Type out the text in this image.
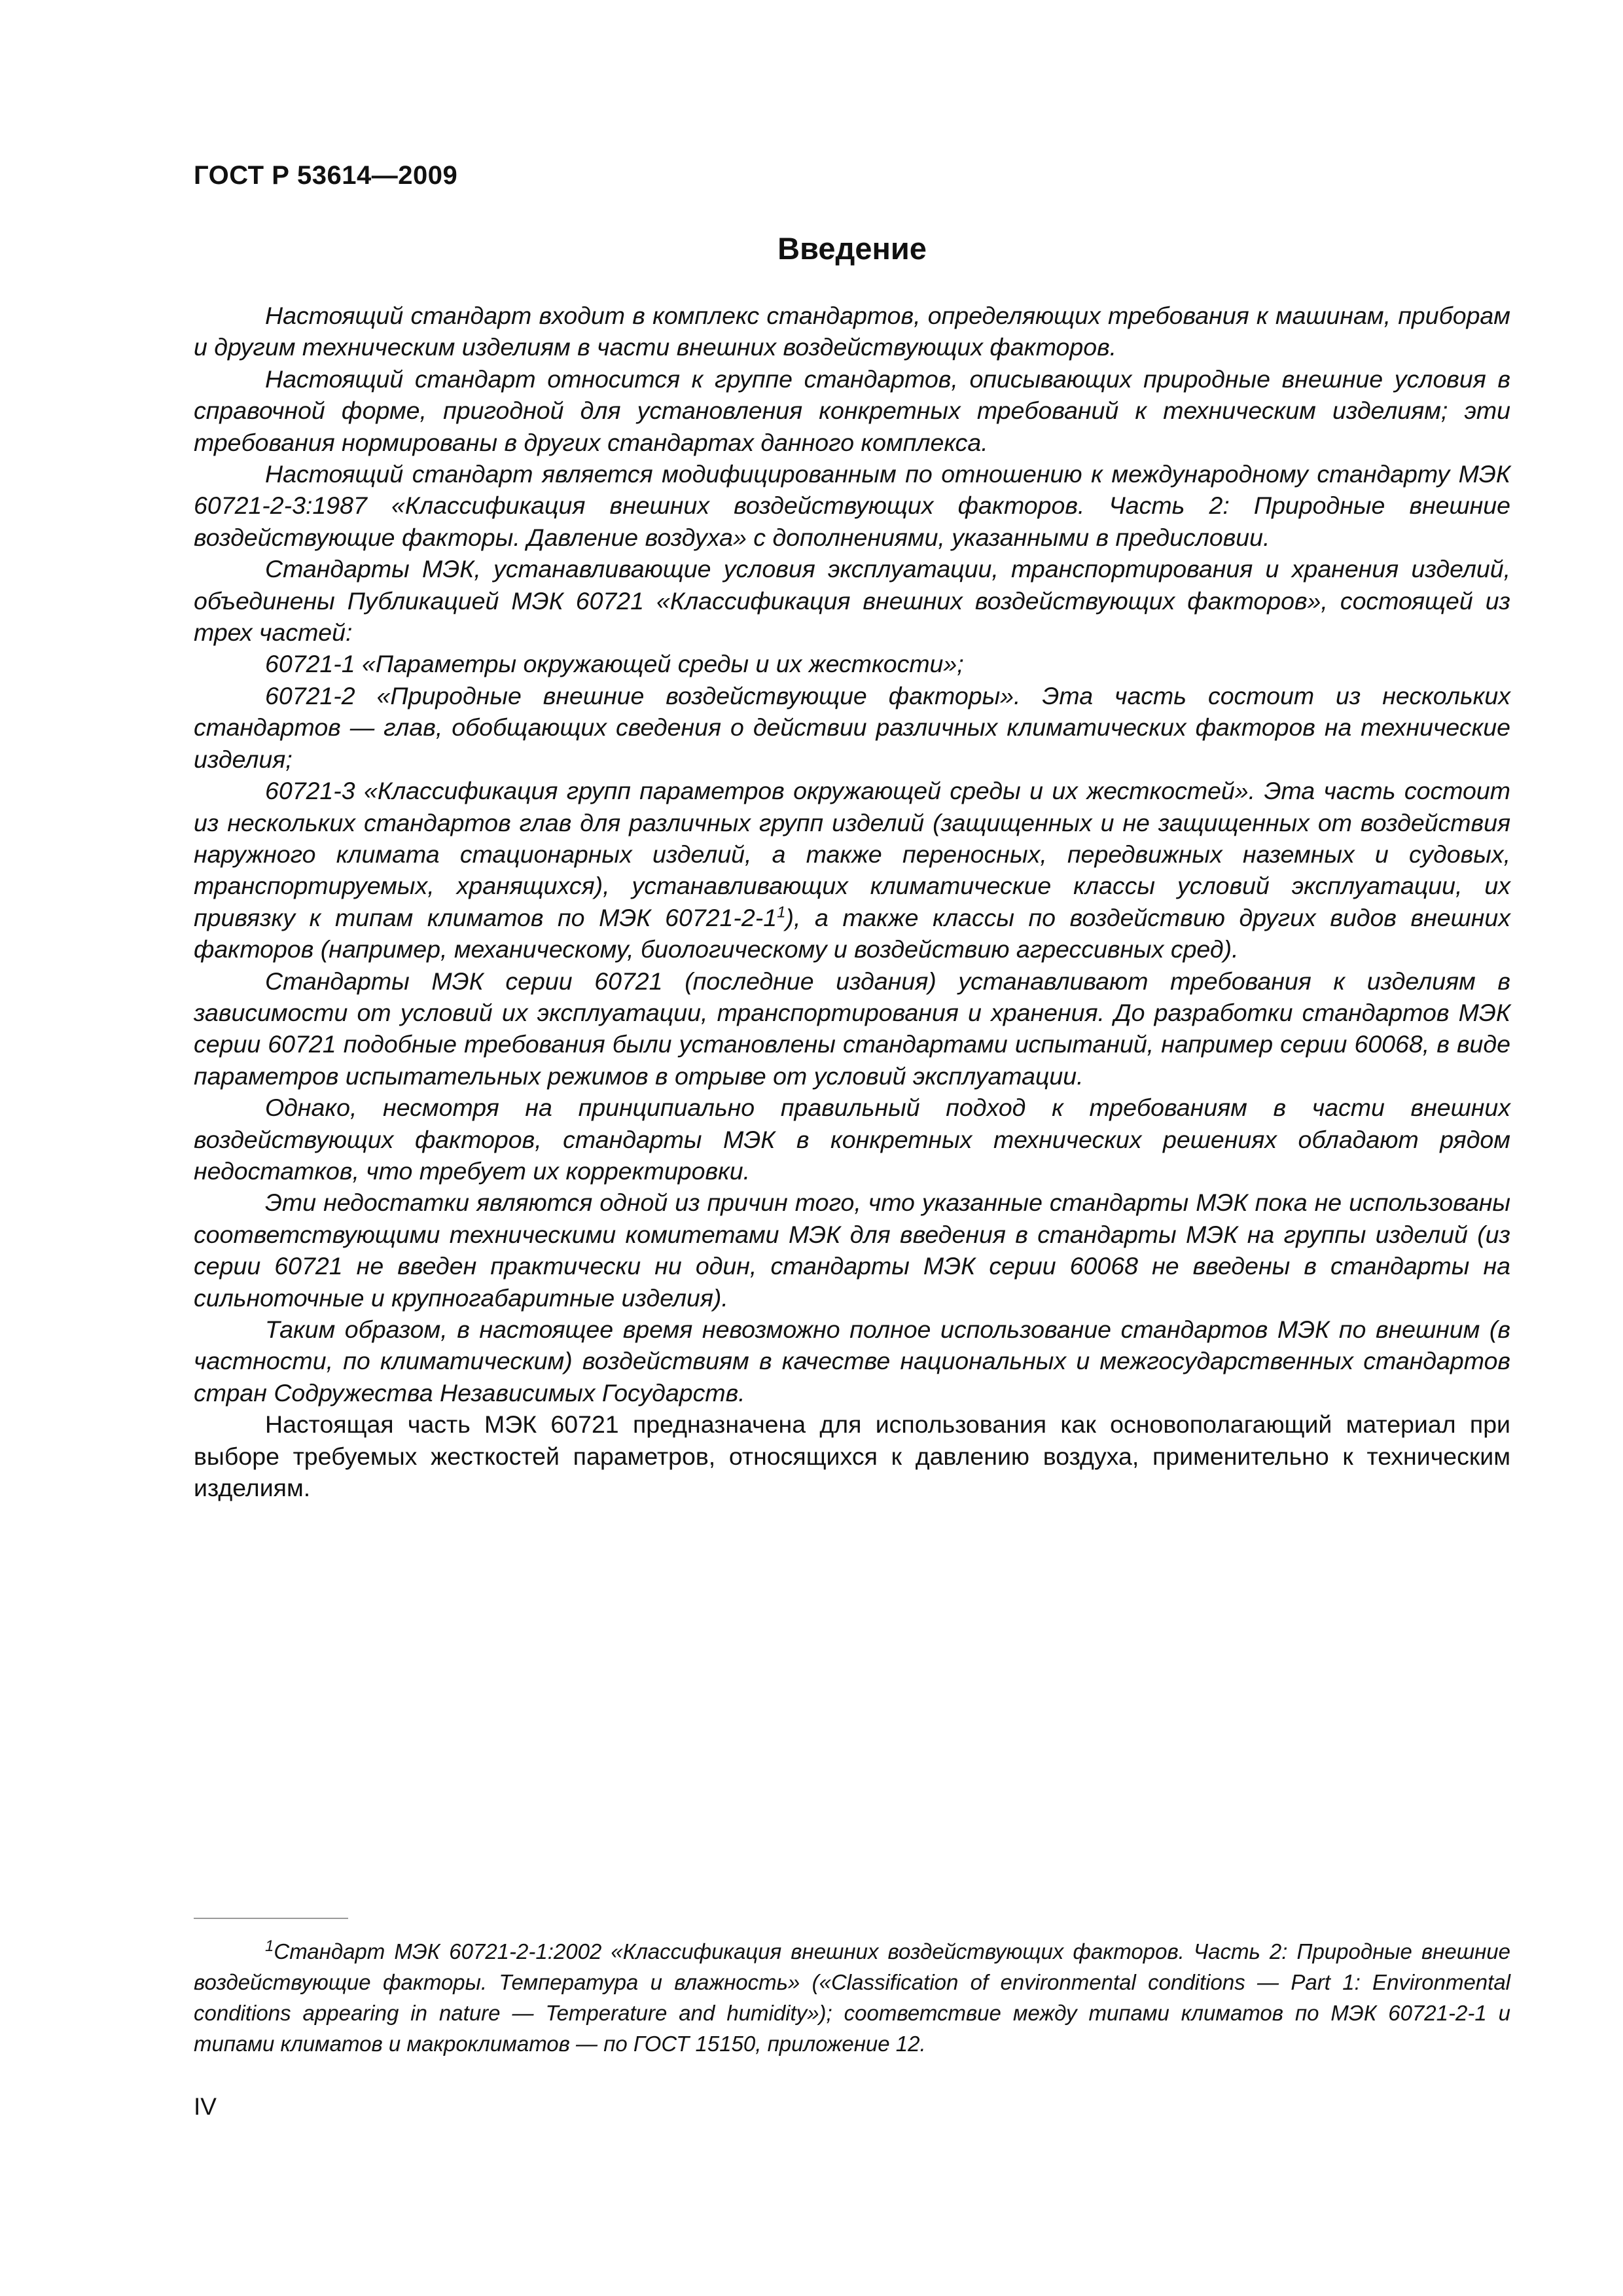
ГОСТ Р 53614—2009
Введение

Настоящий стандарт входит в комплекс стандартов, определяющих требования к машинам, приборам и другим техническим изделиям в части внешних воздействующих факторов.

Настоящий стандарт относится к группе стандартов, описывающих природные внешние условия в справочной форме, пригодной для установления конкретных требований к техническим изделиям; эти требования нормированы в других стандартах данного комплекса.

Настоящий стандарт является модифицированным по отношению к международному стандарту МЭК 60721-2-3:1987 «Классификация внешних воздействующих факторов. Часть 2: Природные внешние воздействующие факторы. Давление воздуха» с дополнениями, указанными в предисловии.

Стандарты МЭК, устанавливающие условия эксплуатации, транспортирования и хранения изделий, объединены Публикацией МЭК 60721 «Классификация внешних воздействующих факторов», состоящей из трех частей:

60721-1 «Параметры окружающей среды и их жесткости»;

60721-2 «Природные внешние воздействующие факторы». Эта часть состоит из нескольких стандартов — глав, обобщающих сведения о действии различных климатических факторов на технические изделия;

60721-3 «Классификация групп параметров окружающей среды и их жесткостей». Эта часть состоит из нескольких стандартов глав для различных групп изделий (защищенных и не защищенных от воздействия наружного климата стационарных изделий, а также переносных, передвижных наземных и судовых, транспортируемых, хранящихся), устанавливающих климатические классы условий эксплуатации, их привязку к типам климатов по МЭК $60721-2-1^1$), а также классы по воздействию других видов внешних факторов (например, механическому, биологическому и воздействию агрессивных сред).

Стандарты МЭК серии 60721 (последние издания) устанавливают требования к изделиям в зависимости от условий их эксплуатации, транспортирования и хранения. До разработки стандартов МЭК серии 60721 подобные требования были установлены стандартами испытаний, например серии 60068, в виде параметров испытательных режимов в отрыве от условий эксплуатации.

Однако, несмотря на принципиально правильный подход к требованиям в части внешних воздействующих факторов, стандарты МЭК в конкретных технических решениях обладают рядом недостатков, что требует их корректировки.

Эти недостатки являются одной из причин того, что указанные стандарты МЭК пока не использованы соответствующими техническими комитетами МЭК для введения в стандарты МЭК на группы изделий (из серии 60721 не введен практически ни один, стандарты МЭК серии 60068 не введены в стандарты на сильноточные и крупногабаритные изделия).

Таким образом, в настоящее время невозможно полное использование стандартов МЭК по внешним (в частности, по климатическим) воздействиям в качестве национальных и межгосударственных стандартов стран Содружества Независимых Государств.

Настоящая часть МЭК 60721 предназначена для использования как основополагающий материал при выборе требуемых жесткостей параметров, относящихся к давлению воздуха, применительно к техническим изделиям.

$^1$Стандарт МЭК 60721-2-1:2002 «Классификация внешних воздействующих факторов. Часть 2: Природные внешние воздействующие факторы. Температура и влажность» («Classification of environmental conditions — Part 1: Environmental conditions appearing in nature — Temperature and humidity»); соответствие между типами климатов по МЭК 60721-2-1 и типами климатов и макроклиматов — по ГОСТ 15150, приложение 12.

IV
